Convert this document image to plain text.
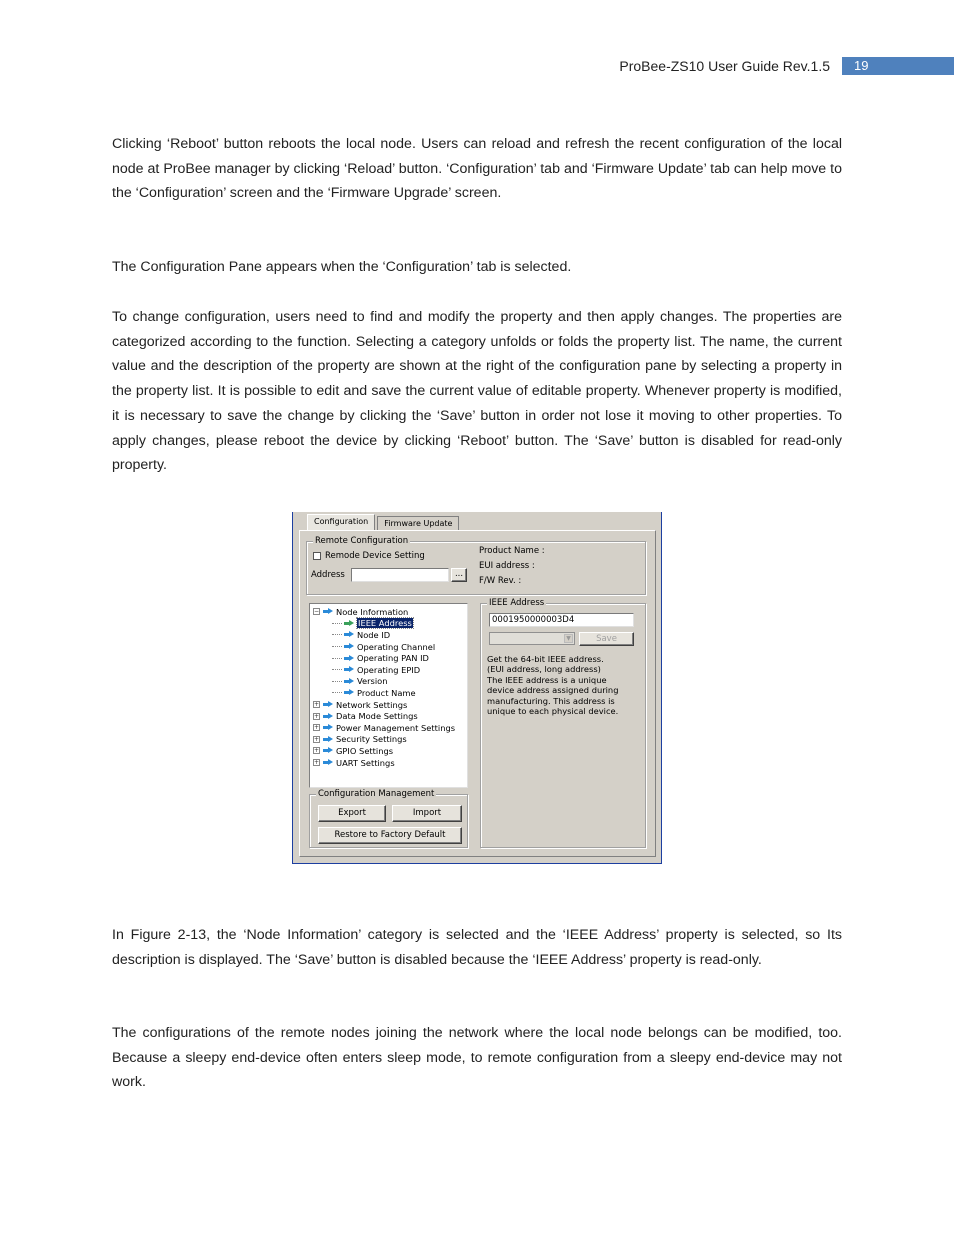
ProBee-ZS10 User Guide Rev.1.5	19

Clicking ‘Reboot’ button reboots the local node. Users can reload and refresh the recent configuration of the local node at ProBee manager by clicking ‘Reload’ button. ‘Configuration’ tab and ‘Firmware Update’ tab can help move to the ‘Configuration’ screen and the ‘Firmware Upgrade’ screen.

The Configuration Pane appears when the ‘Configuration’ tab is selected.

To change configuration, users need to find and modify the property and then apply changes. The properties are categorized according to the function. Selecting a category unfolds or folds the property list. The name, the current value and the description of the property are shown at the right of the configuration pane by selecting a property in the property list. It is possible to edit and save the current value of editable property. Whenever property is modified, it is necessary to save the change by clicking the ‘Save’ button in order not lose it moving to other properties. To apply changes, please reboot the device by clicking ‘Reboot’ button. The ‘Save’ button is disabled for read-only property.

Configuration	Firmware Update
Remote Configuration
Remode Device Setting
Address	...
Product Name :
EUI address :
F/W Rev. :
− Node Information
IEEE Address
Node ID
Operating Channel
Operating PAN ID
Operating EPID
Version
Product Name
+ Network Settings
+ Data Mode Settings
+ Power Management Settings
+ Security Settings
+ GPIO Settings
+ UART Settings
Configuration Management
Export	Import
Restore to Factory Default
IEEE Address
0001950000003D4
▼	Save
Get the 64-bit IEEE address.
(EUI address, long address)
The IEEE address is a unique
device address assigned during
manufacturing. This address is
unique to each physical device.

In Figure 2-13, the ‘Node Information’ category is selected and the ‘IEEE Address’ property is selected, so Its description is displayed. The ‘Save’ button is disabled because the ‘IEEE Address’ property is read-only.

The configurations of the remote nodes joining the network where the local node belongs can be modified, too. Because a sleepy end-device often enters sleep mode, to remote configuration from a sleepy end-device may not work.
